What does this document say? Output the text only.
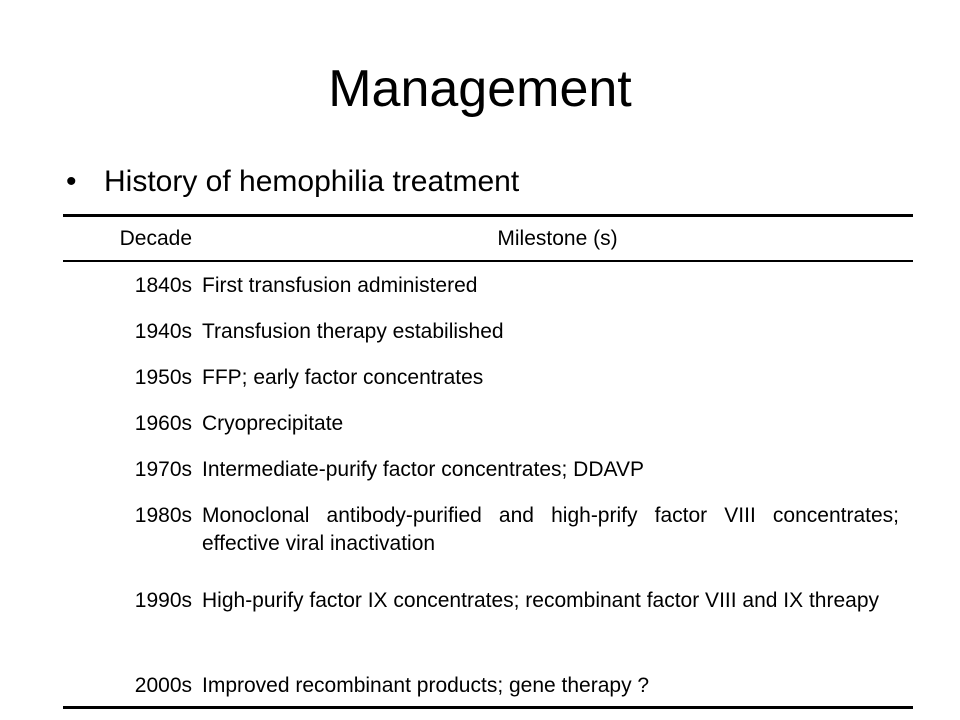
Management
• History of hemophilia treatment
Decade	Milestone (s)
1840s	First transfusion administered
1940s	Transfusion therapy estabilished
1950s	FFP; early factor concentrates
1960s	Cryoprecipitate
1970s	Intermediate-purify factor concentrates; DDAVP
1980s	Monoclonal antibody-purified and high-prify factor VIII concentrates; effective viral inactivation
1990s	High-purify factor IX concentrates; recombinant factor VIII and IX threapy
2000s	Improved recombinant products; gene therapy ?
